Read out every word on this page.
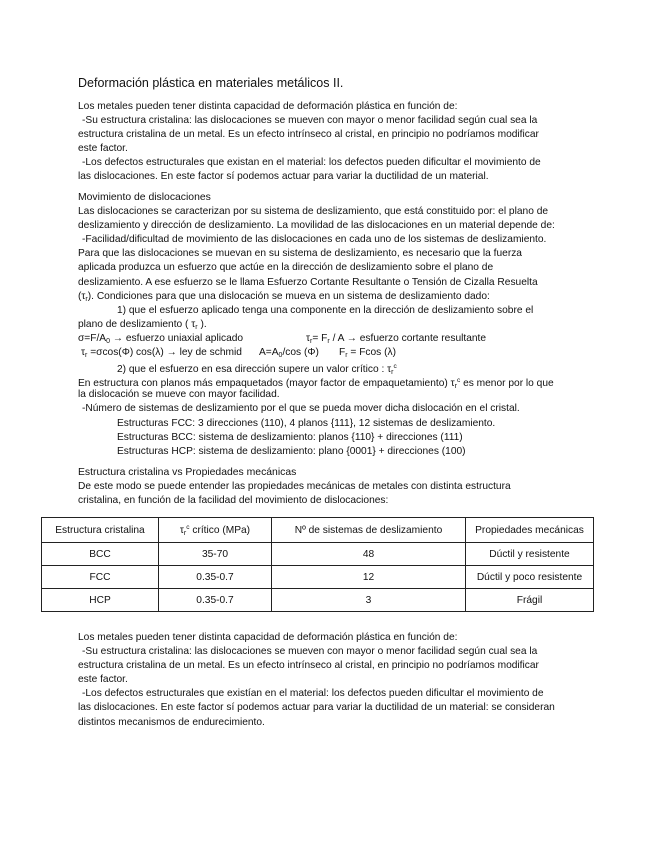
Deformación plástica en materiales metálicos II.
Los metales pueden tener distinta capacidad de deformación plástica en función de:
-Su estructura cristalina: las dislocaciones se mueven con mayor o menor facilidad según cual sea la
estructura cristalina de un metal. Es un efecto intrínseco al cristal, en principio no podríamos modificar
este factor.
-Los defectos estructurales que existan en el material: los defectos pueden dificultar el movimiento de
las dislocaciones. En este factor sí podemos actuar para variar la ductilidad de un material.
Movimiento de dislocaciones
Las dislocaciones se caracterizan por su sistema de deslizamiento, que está constituido por: el plano de
deslizamiento y dirección de deslizamiento. La movilidad de las dislocaciones en un material depende de:
-Facilidad/dificultad de movimiento de las dislocaciones en cada uno de los sistemas de deslizamiento.
Para que las dislocaciones se muevan en su sistema de deslizamiento, es necesario que la fuerza
aplicada produzca un esfuerzo que actúe en la dirección de deslizamiento sobre el plano de
deslizamiento. A ese esfuerzo se le llama Esfuerzo Cortante Resultante o Tensión de Cizalla Resuelta
$(\tau_r)$. Condiciones para que una dislocación se mueva en un sistema de deslizamiento dado:
1) que el esfuerzo aplicado tenga una componente en la dirección de deslizamiento sobre el
plano de deslizamiento ( $\tau_r$ ).
$\sigma=F/A_0$ → esfuerzo uniaxial aplicado	$\tau_r= F_r / A$ → esfuerzo cortante resultante
$\tau_r =\sigma\cos(\Phi) \cos(\lambda)$ → ley de schmid $A=A_0/\cos$ (Φ) $F_r = Fcos$ (λ)
2) que el esfuerzo en esa dirección supere un valor crítico : $\tau_r^c$
En estructura con planos más empaquetados (mayor factor de empaquetamiento) $\tau_r^c$ es menor por lo que
la dislocación se mueve con mayor facilidad.
-Número de sistemas de deslizamiento por el que se pueda mover dicha dislocación en el cristal.
Estructuras FCC: 3 direcciones (110), 4 planos {111}, 12 sistemas de deslizamiento.
Estructuras BCC: sistema de deslizamiento: planos {110} + direcciones (111)
Estructuras HCP: sistema de deslizamiento: plano {0001} + direcciones (100)
Estructura cristalina vs Propiedades mecánicas
De este modo se puede entender las propiedades mecánicas de metales con distinta estructura
cristalina, en función de la facilidad del movimiento de dislocaciones:
Estructura cristalina	$\tau_r^c$ crítico (MPa)	Nº de sistemas de deslizamiento	Propiedades mecánicas
BCC	35-70	48	Dúctil y resistente
FCC	0.35-0.7	12	Dúctil y poco resistente
HCP	0.35-0.7	3	Frágil
Los metales pueden tener distinta capacidad de deformación plástica en función de:
-Su estructura cristalina: las dislocaciones se mueven con mayor o menor facilidad según cual sea la
estructura cristalina de un metal. Es un efecto intrínseco al cristal, en principio no podríamos modificar
este factor.
-Los defectos estructurales que existían en el material: los defectos pueden dificultar el movimiento de
las dislocaciones. En este factor sí podemos actuar para variar la ductilidad de un material: se consideran
distintos mecanismos de endurecimiento.
